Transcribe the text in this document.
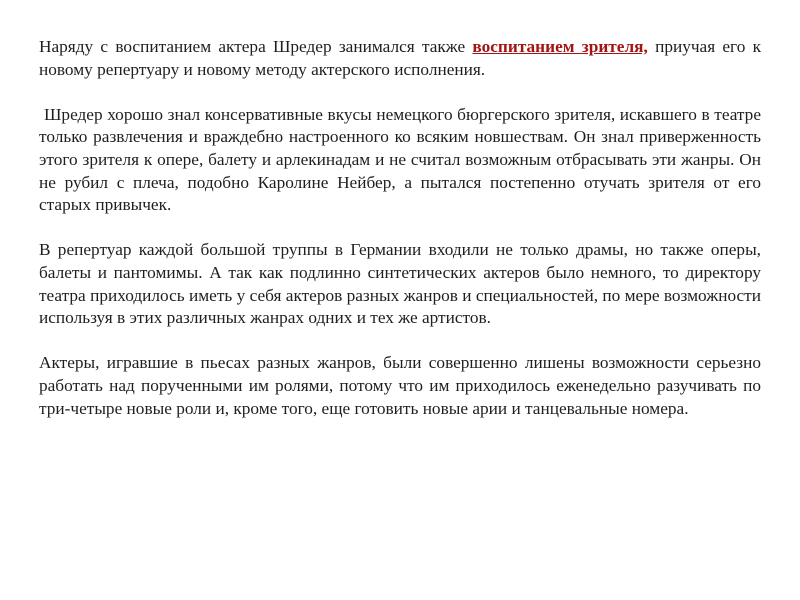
Наряду с воспитанием актера Шредер занимался также воспитанием зрителя, приучая его к новому репертуару и новому методу актерского исполнения.

Шредер хорошо знал консервативные вкусы немецкого бюргерского зрителя, искавшего в театре только развлечения и враждебно настроенного ко всяким новшествам. Он знал приверженность этого зрителя к опере, балету и арлекинадам и не считал возможным отбрасывать эти жанры. Он не рубил с плеча, подобно Каролине Нейбер, а пытался постепенно отучать зрителя от его старых привычек.

В репертуар каждой большой труппы в Германии входили не только драмы, но также оперы, балеты и пантомимы. А так как подлинно синтетических актеров было немного, то директору театра приходилось иметь у себя актеров разных жанров и специальностей, по мере возможности используя в этих различных жанрах одних и тех же артистов.

Актеры, игравшие в пьесах разных жанров, были совершенно лишены возможности серьезно работать над порученными им ролями, потому что им приходилось еженедельно разучивать по три-четыре новые роли и, кроме того, еще готовить новые арии и танцевальные номера.
